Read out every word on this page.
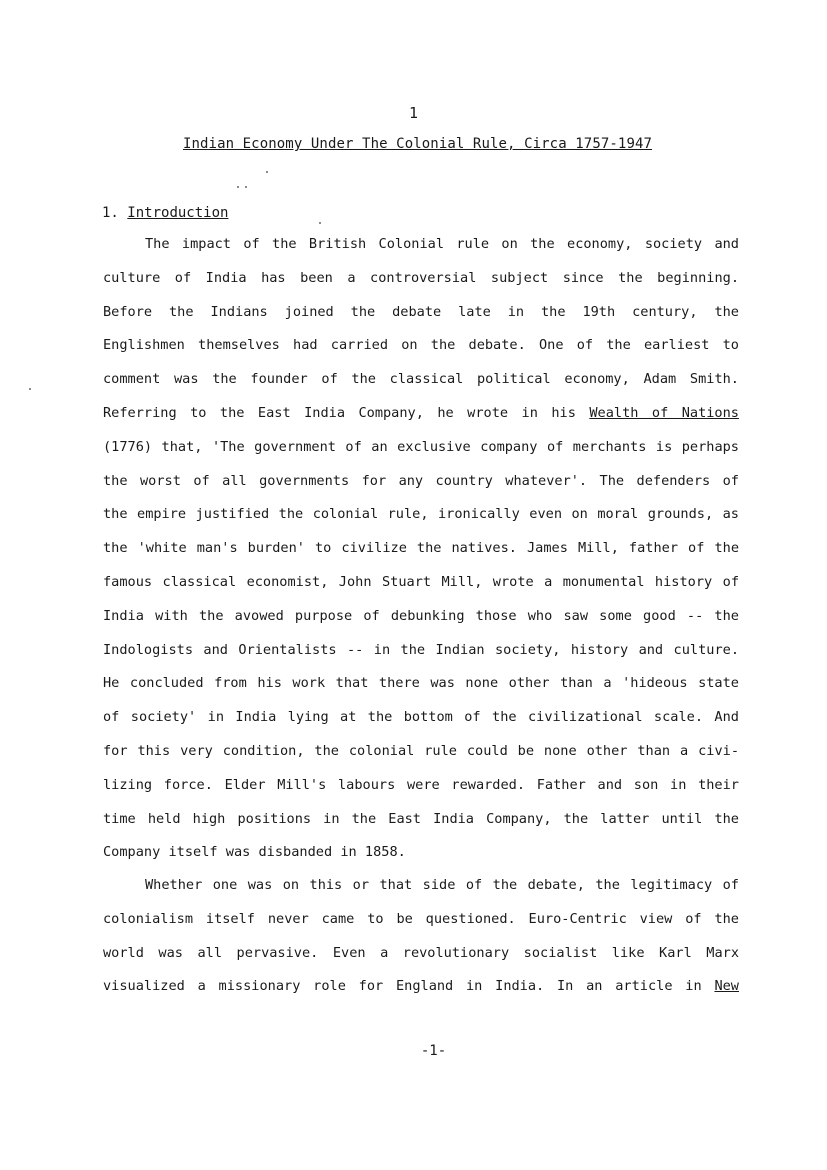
1
Indian Economy Under The Colonial Rule, Circa 1757-1947
1. Introduction
The impact of the British Colonial rule on the economy, society and
culture of India has been a controversial subject since the beginning.
Before the Indians joined the debate late in the 19th century, the
Englishmen themselves had carried on the debate. One of the earliest to
comment was the founder of the classical political economy, Adam Smith.
Referring to the East India Company, he wrote in his Wealth of Nations
(1776) that, 'The government of an exclusive company of merchants is perhaps
the worst of all governments for any country whatever'. The defenders of
the empire justified the colonial rule, ironically even on moral grounds, as
the 'white man's burden' to civilize the natives. James Mill, father of the
famous classical economist, John Stuart Mill, wrote a monumental history of
India with the avowed purpose of debunking those who saw some good -- the
Indologists and Orientalists -- in the Indian society, history and culture.
He concluded from his work that there was none other than a 'hideous state
of society' in India lying at the bottom of the civilizational scale. And
for this very condition, the colonial rule could be none other than a civi-
lizing force. Elder Mill's labours were rewarded. Father and son in their
time held high positions in the East India Company, the latter until the
Company itself was disbanded in 1858.
Whether one was on this or that side of the debate, the legitimacy of
colonialism itself never came to be questioned. Euro-Centric view of the
world was all pervasive. Even a revolutionary socialist like Karl Marx
visualized a missionary role for England in India. In an article in New
-1-
